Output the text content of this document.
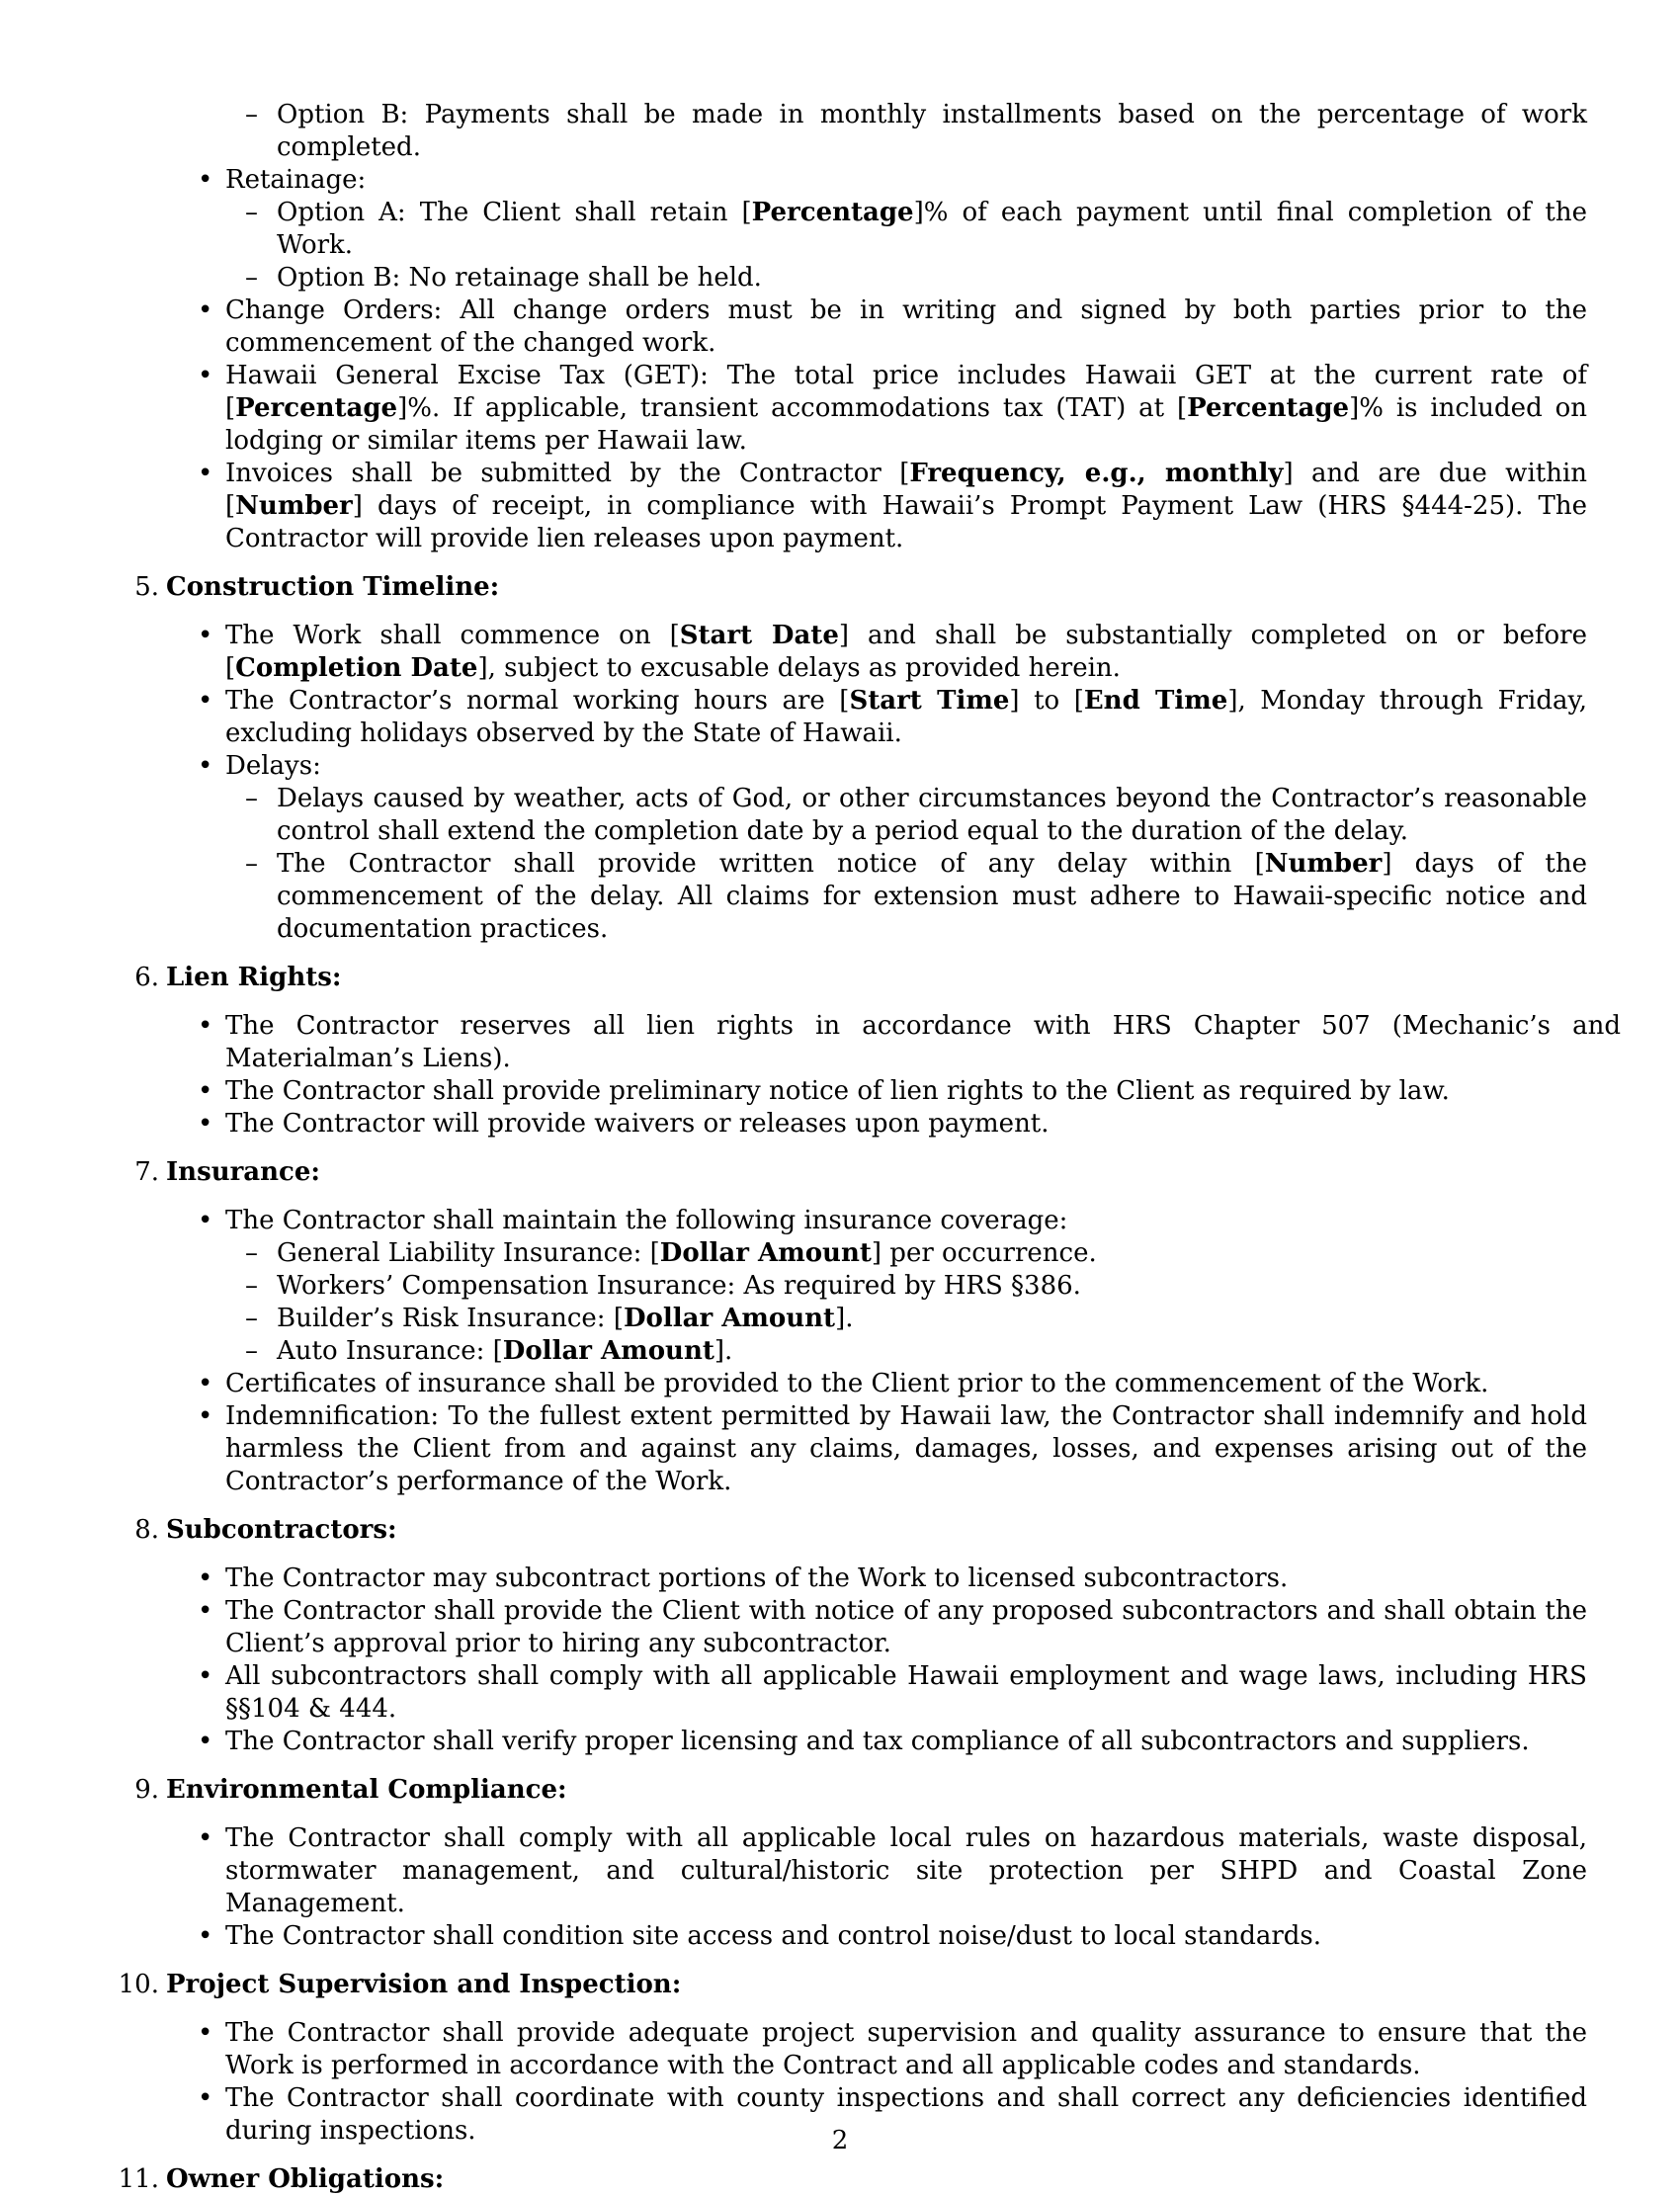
– Option B: Payments shall be made in monthly installments based on the percentage of work completed.
• Retainage:
– Option A: The Client shall retain [Percentage]% of each payment until final completion of the Work.
– Option B: No retainage shall be held.
• Change Orders: All change orders must be in writing and signed by both parties prior to the commencement of the changed work.
• Hawaii General Excise Tax (GET): The total price includes Hawaii GET at the current rate of [Percentage]%. If applicable, transient accommodations tax (TAT) at [Percentage]% is included on lodging or similar items per Hawaii law.
• Invoices shall be submitted by the Contractor [Frequency, e.g., monthly] and are due within [Number] days of receipt, in compliance with Hawaii’s Prompt Payment Law (HRS §444-25). The Contractor will provide lien releases upon payment.
5. Construction Timeline:
• The Work shall commence on [Start Date] and shall be substantially completed on or before [Completion Date], subject to excusable delays as provided herein.
• The Contractor’s normal working hours are [Start Time] to [End Time], Monday through Friday, excluding holidays observed by the State of Hawaii.
• Delays:
– Delays caused by weather, acts of God, or other circumstances beyond the Contractor’s reasonable control shall extend the completion date by a period equal to the duration of the delay.
– The Contractor shall provide written notice of any delay within [Number] days of the commencement of the delay. All claims for extension must adhere to Hawaii-specific notice and documentation practices.
6. Lien Rights:
• The Contractor reserves all lien rights in accordance with HRS Chapter 507 (Mechanic’s and Materialman’s Liens).
• The Contractor shall provide preliminary notice of lien rights to the Client as required by law.
• The Contractor will provide waivers or releases upon payment.
7. Insurance:
• The Contractor shall maintain the following insurance coverage:
– General Liability Insurance: [Dollar Amount] per occurrence.
– Workers’ Compensation Insurance: As required by HRS §386.
– Builder’s Risk Insurance: [Dollar Amount].
– Auto Insurance: [Dollar Amount].
• Certificates of insurance shall be provided to the Client prior to the commencement of the Work.
• Indemnification: To the fullest extent permitted by Hawaii law, the Contractor shall indemnify and hold harmless the Client from and against any claims, damages, losses, and expenses arising out of the Contractor’s performance of the Work.
8. Subcontractors:
• The Contractor may subcontract portions of the Work to licensed subcontractors.
• The Contractor shall provide the Client with notice of any proposed subcontractors and shall obtain the Client’s approval prior to hiring any subcontractor.
• All subcontractors shall comply with all applicable Hawaii employment and wage laws, including HRS §§104 & 444.
• The Contractor shall verify proper licensing and tax compliance of all subcontractors and suppliers.
9. Environmental Compliance:
• The Contractor shall comply with all applicable local rules on hazardous materials, waste disposal, stormwater management, and cultural/historic site protection per SHPD and Coastal Zone Management.
• The Contractor shall condition site access and control noise/dust to local standards.
10. Project Supervision and Inspection:
• The Contractor shall provide adequate project supervision and quality assurance to ensure that the Work is performed in accordance with the Contract and all applicable codes and standards.
• The Contractor shall coordinate with county inspections and shall correct any deficiencies identified during inspections.
11. Owner Obligations:
2
